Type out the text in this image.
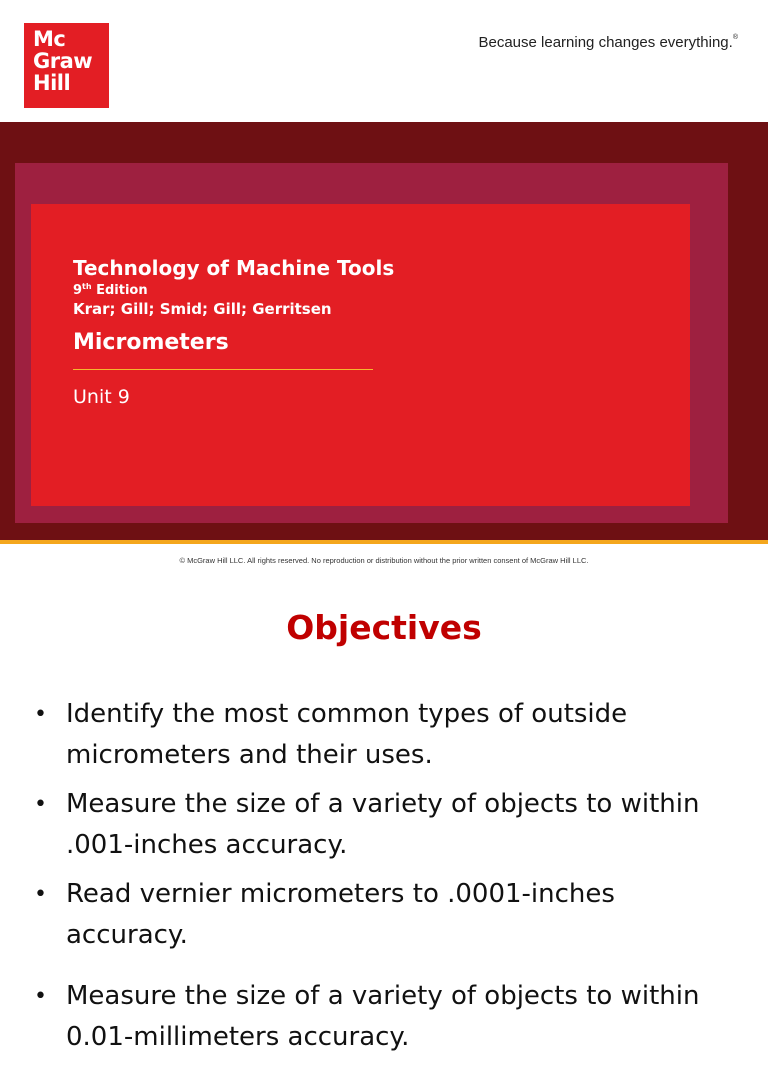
Mc
Graw
Hill
Because learning changes everything.®
Technology of Machine Tools
9th Edition
Krar; Gill; Smid; Gill; Gerritsen
Micrometers
Unit 9
© McGraw Hill LLC. All rights reserved. No reproduction or distribution without the prior written consent of McGraw Hill LLC.
Objectives
• Identify the most common types of outside micrometers and their uses.
• Measure the size of a variety of objects to within .001-inches accuracy.
• Read vernier micrometers to .0001-inches accuracy.
• Measure the size of a variety of objects to within 0.01-millimeters accuracy.
